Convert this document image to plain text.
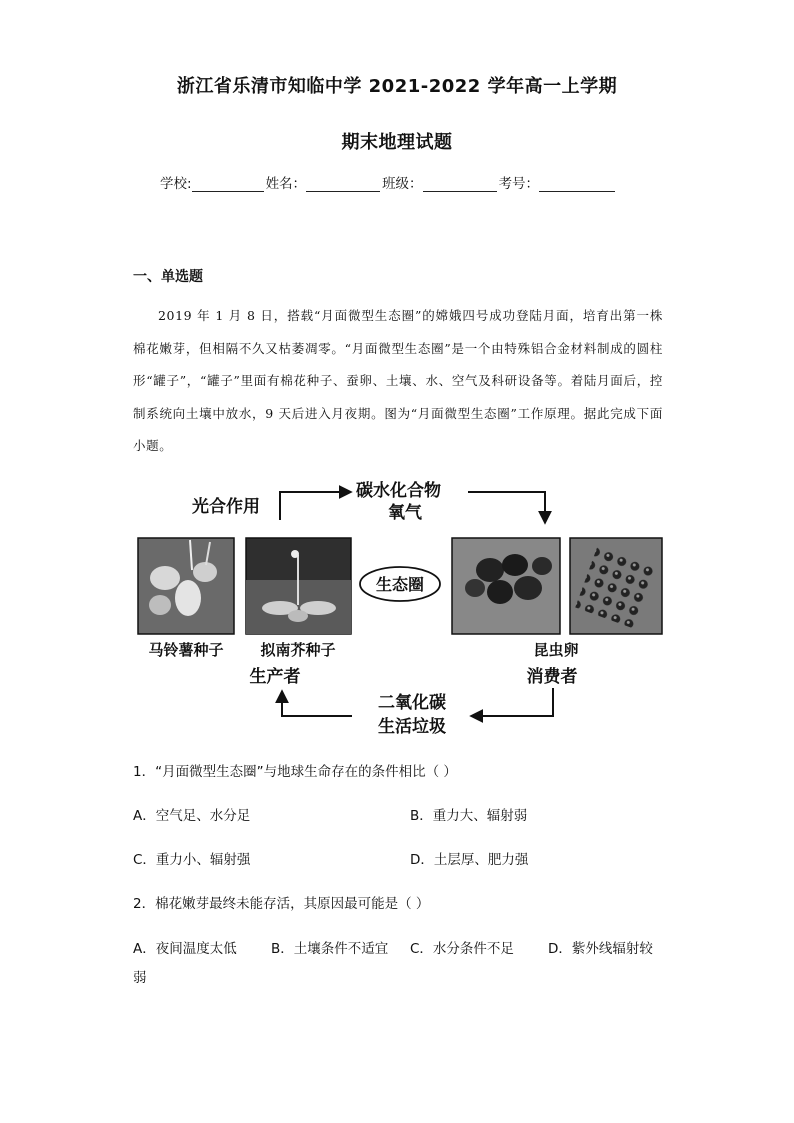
浙江省乐清市知临中学 2021-2022 学年高一上学期
期末地理试题
学校:	姓名：	班级：	考号：
一、单选题
2019 年 1 月 8 日，搭载“月面微型生态圈”的嫦娥四号成功登陆月面，培育出第一株棉花嫩芽，但相隔不久又枯萎凋零。“月面微型生态圈”是一个由特殊铝合金材料制成的圆柱形“罐子”，“罐子”里面有棉花种子、蚕卵、土壤、水、空气及科研设备等。着陆月面后，控制系统向土壤中放水，9 天后进入月夜期。图为“月面微型生态圈”工作原理。据此完成下面小题。
光合作用
碳水化合物
氧气
生态圈
马铃薯种子 拟南芥种子	昆虫卵
生产者	消费者
二氧化碳
生活垃圾
1．“月面微型生态圈”与地球生命存在的条件相比（ ）
A．空气足、水分足	B．重力大、辐射弱
C．重力小、辐射强	D．土层厚、肥力强
2．棉花嫩芽最终未能存活，其原因最可能是（ ）
A．夜间温度太低	B．土壤条件不适宜 C．水分条件不足	D．紫外线辐射较
弱
